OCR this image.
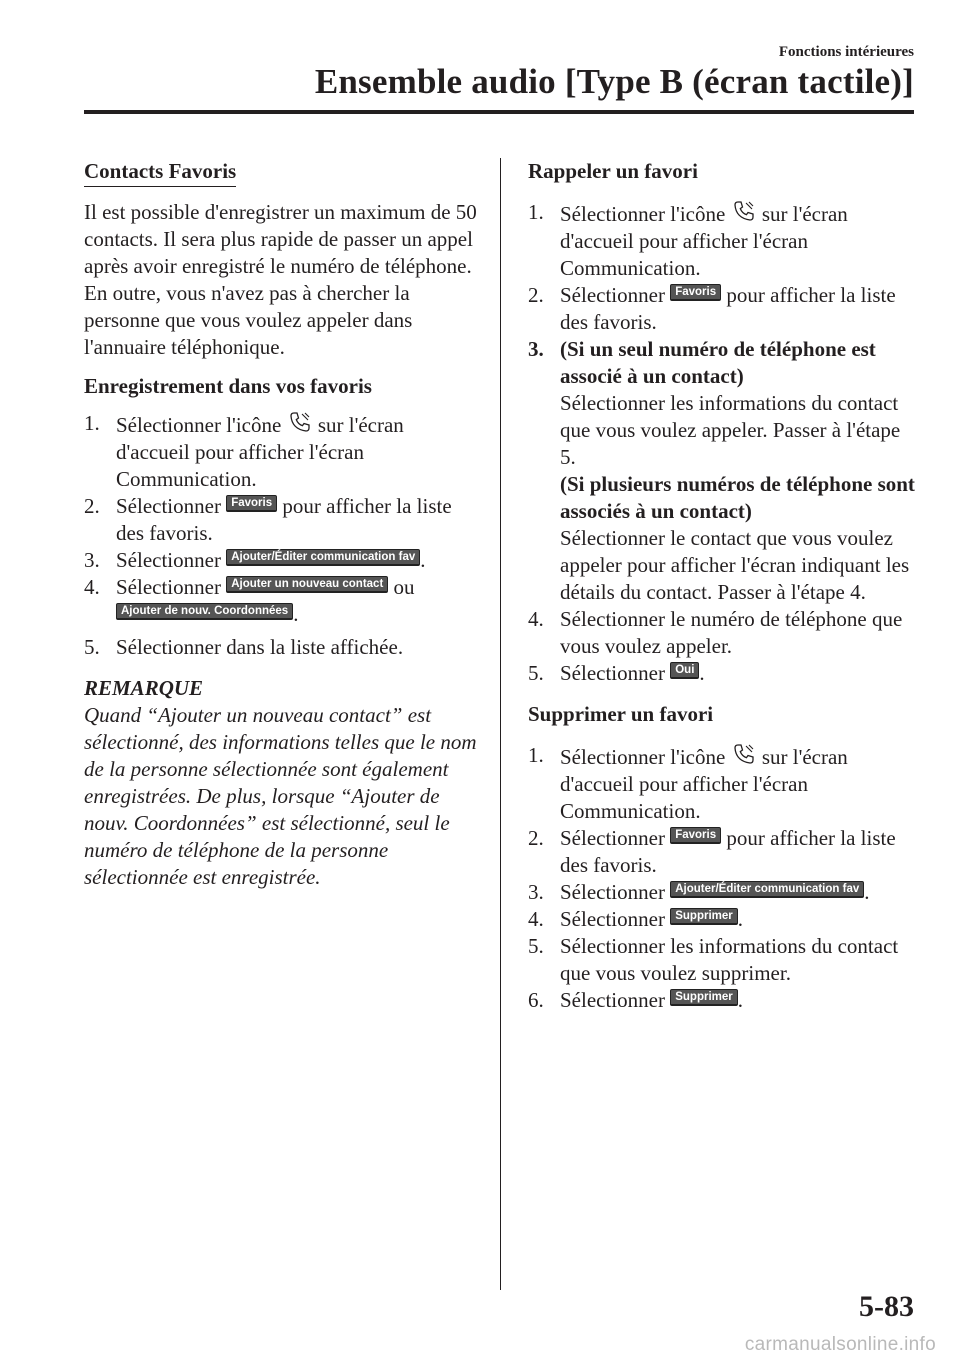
Fonctions intérieures
Ensemble audio [Type B (écran tactile)]
Contacts Favoris

Il est possible d'enregistrer un maximum de 50 contacts. Il sera plus rapide de passer un appel après avoir enregistré le numéro de téléphone. En outre, vous n'avez pas à chercher la personne que vous voulez appeler dans l'annuaire téléphonique.

Enregistrement dans vos favoris
1. Sélectionner l'icône sur l'écran d'accueil pour afficher l'écran Communication.
2. Sélectionner Favoris pour afficher la liste des favoris.
3. Sélectionner Ajouter/Éditer communication fav .
4. Sélectionner Ajouter un nouveau contact ou Ajouter de nouv. Coordonnées .
5. Sélectionner dans la liste affichée.
REMARQUE
Quand “Ajouter un nouveau contact” est sélectionné, des informations telles que le nom de la personne sélectionnée sont également enregistrées. De plus, lorsque “Ajouter de nouv. Coordonnées” est sélectionné, seul le numéro de téléphone de la personne sélectionnée est enregistrée.
Rappeler un favori
1. Sélectionner l'icône sur l'écran d'accueil pour afficher l'écran Communication.
2. Sélectionner Favoris pour afficher la liste des favoris.
3. (Si un seul numéro de téléphone est associé à un contact)
Sélectionner les informations du contact que vous voulez appeler. Passer à l'étape 5.
(Si plusieurs numéros de téléphone sont associés à un contact)
Sélectionner le contact que vous voulez appeler pour afficher l'écran indiquant les détails du contact. Passer à l'étape 4.
4. Sélectionner le numéro de téléphone que vous voulez appeler.
5. Sélectionner Oui .
Supprimer un favori
1. Sélectionner l'icône sur l'écran d'accueil pour afficher l'écran Communication.
2. Sélectionner Favoris pour afficher la liste des favoris.
3. Sélectionner Ajouter/Éditer communication fav .
4. Sélectionner Supprimer .
5. Sélectionner les informations du contact que vous voulez supprimer.
6. Sélectionner Supprimer .
5-83
carmanualsonline.info
